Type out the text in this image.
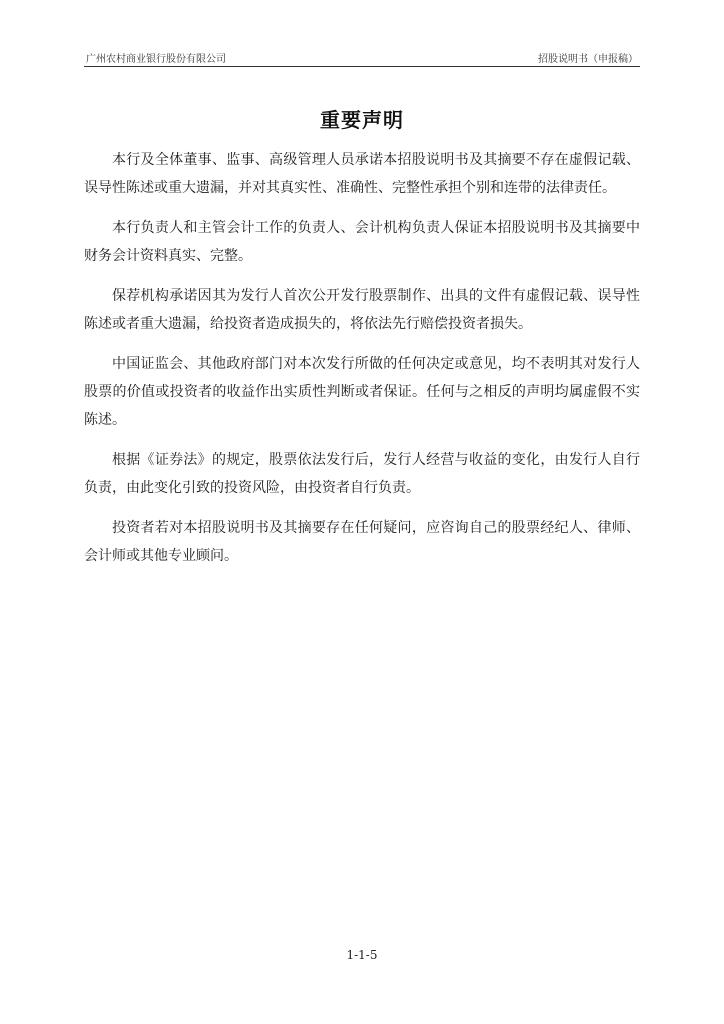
广州农村商业银行股份有限公司	招股说明书（申报稿）
重要声明

本行及全体董事、监事、高级管理人员承诺本招股说明书及其摘要不存在虚假记载、误导性陈述或重大遗漏，并对其真实性、准确性、完整性承担个别和连带的法律责任。

本行负责人和主管会计工作的负责人、会计机构负责人保证本招股说明书及其摘要中财务会计资料真实、完整。

保荐机构承诺因其为发行人首次公开发行股票制作、出具的文件有虚假记载、误导性陈述或者重大遗漏，给投资者造成损失的，将依法先行赔偿投资者损失。

中国证监会、其他政府部门对本次发行所做的任何决定或意见，均不表明其对发行人股票的价值或投资者的收益作出实质性判断或者保证。任何与之相反的声明均属虚假不实陈述。

根据《证券法》的规定，股票依法发行后，发行人经营与收益的变化，由发行人自行负责，由此变化引致的投资风险，由投资者自行负责。

投资者若对本招股说明书及其摘要存在任何疑问，应咨询自己的股票经纪人、律师、会计师或其他专业顾问。

1-1-5
